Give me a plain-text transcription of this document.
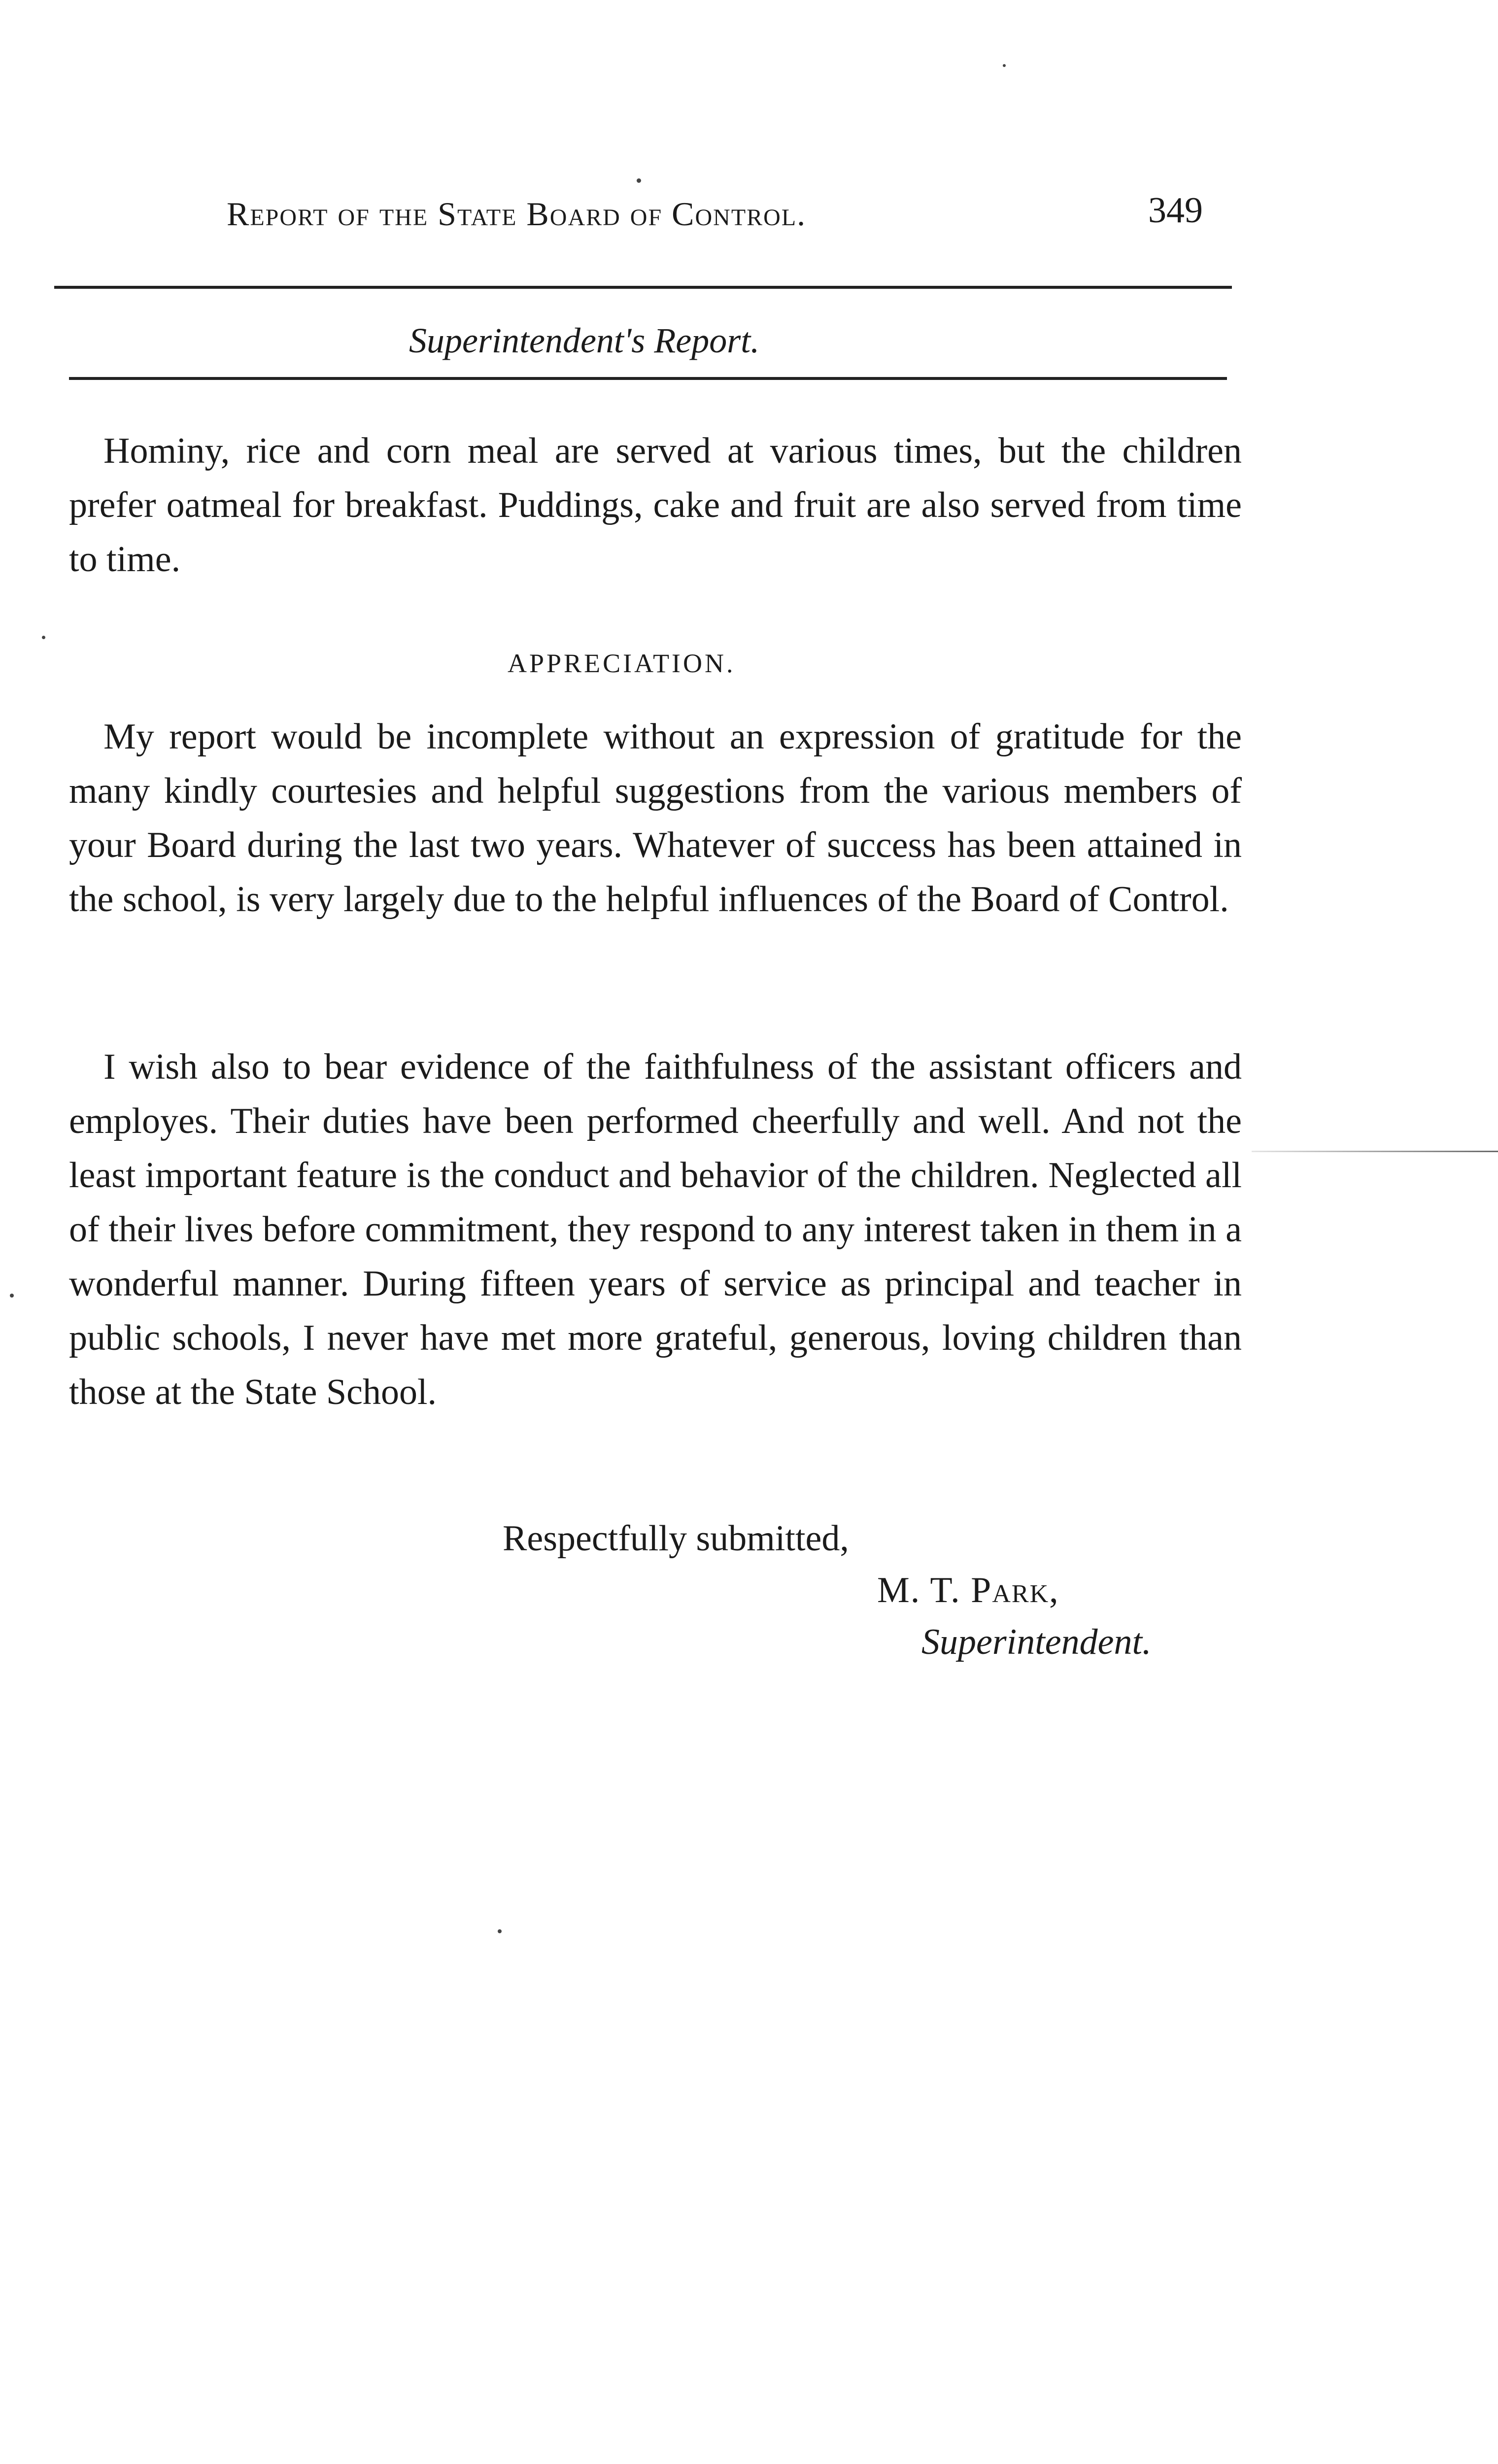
Report of the State Board of Control.	349
Superintendent's Report.

Hominy, rice and corn meal are served at various times, but the children prefer oatmeal for breakfast. Puddings, cake and fruit are also served from time to time.

APPRECIATION.

My report would be incomplete without an expression of gratitude for the many kindly courtesies and helpful suggestions from the various members of your Board during the last two years. Whatever of success has been attained in the school, is very largely due to the helpful influences of the Board of Control.

I wish also to bear evidence of the faithfulness of the assistant officers and employes. Their duties have been performed cheerfully and well. And not the least important feature is the conduct and behavior of the children. Neglected all of their lives before commitment, they respond to any interest taken in them in a wonderful manner. During fifteen years of service as principal and teacher in public schools, I never have met more grateful, generous, loving children than those at the State School.

Respectfully submitted,
M. T. Park,
Superintendent.
